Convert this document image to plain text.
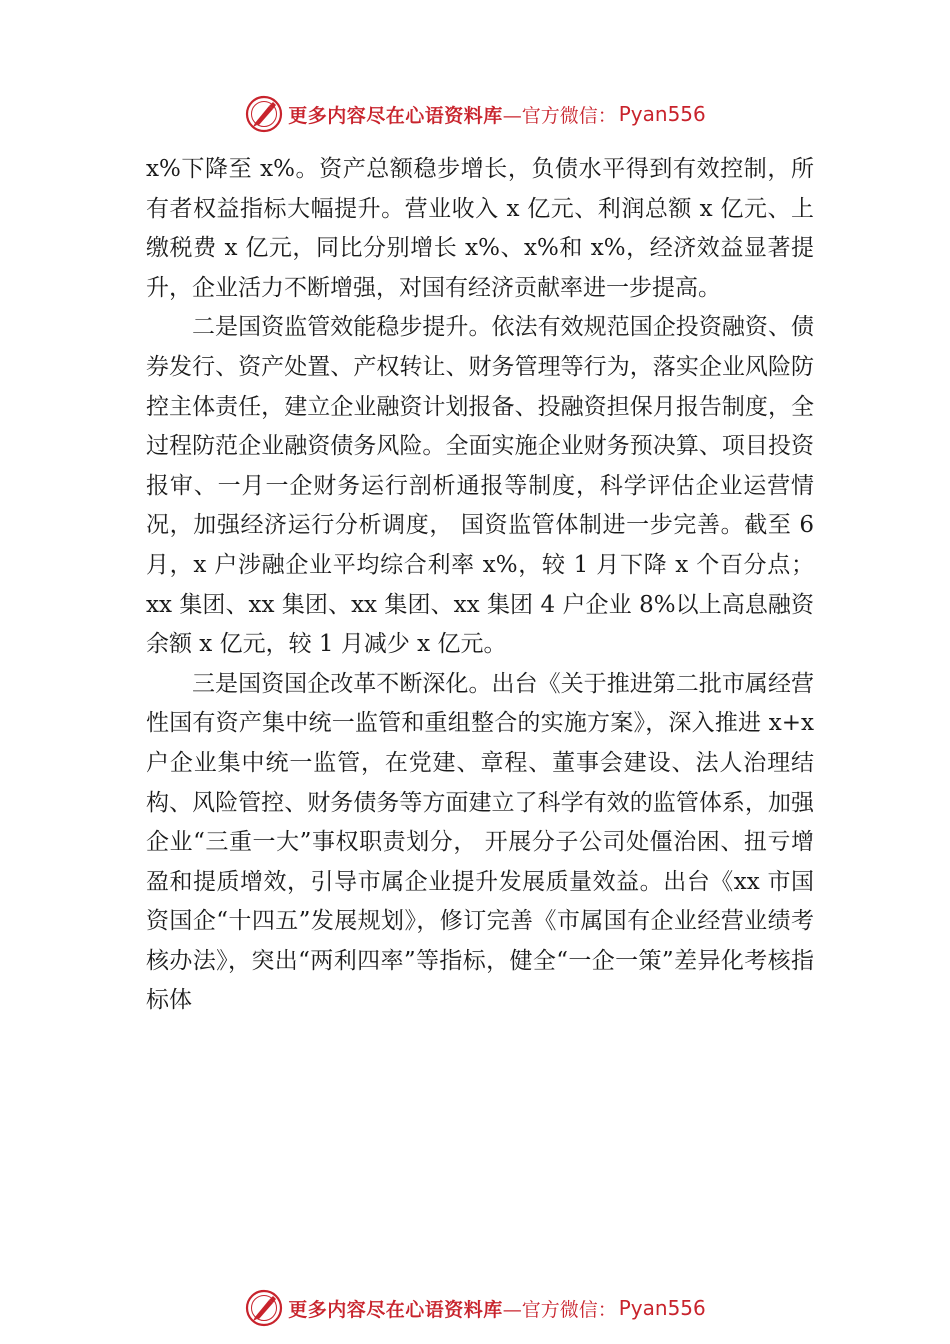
更多内容尽在心语资料库 —官方微信： Pyan556

x%下降至 x%。资产总额稳步增长，负债水平得到有效控制，所有者权益指标大幅提升。营业收入 x 亿元、利润总额 x 亿元、上缴税费 x 亿元，同比分别增长 x%、x%和 x%，经济效益显著提升，企业活力不断增强，对国有经济贡献率进一步提高。

二是国资监管效能稳步提升。依法有效规范国企投资融资、债券发行、资产处置、产权转让、财务管理等行为，落实企业风险防控主体责任，建立企业融资计划报备、投融资担保月报告制度，全过程防范企业融资债务风险。全面实施企业财务预决算、项目投资报审、一月一企财务运行剖析通报等制度，科学评估企业运营情况，加强经济运行分析调度， 国资监管体制进一步完善。截至 6 月，x 户涉融企业平均综合利率 x%，较 1 月下降 x 个百分点；xx 集团、xx 集团、xx 集团、xx 集团 4 户企业 8%以上高息融资余额 x 亿元，较 1 月减少 x 亿元。

三是国资国企改革不断深化。出台《关于推进第二批市属经营性国有资产集中统一监管和重组整合的实施方案》，深入推进 x+x 户企业集中统一监管，在党建、章程、董事会建设、法人治理结构、风险管控、财务债务等方面建立了科学有效的监管体系，加强企业“三重一大”事权职责划分， 开展分子公司处僵治困、扭亏增盈和提质增效，引导市属企业提升发展质量效益。出台《xx 市国资国企“十四五”发展规划》，修订完善《市属国有企业经营业绩考核办法》，突出“两利四率”等指标，健全“一企一策”差异化考核指标体

更多内容尽在心语资料库 —官方微信： Pyan556
